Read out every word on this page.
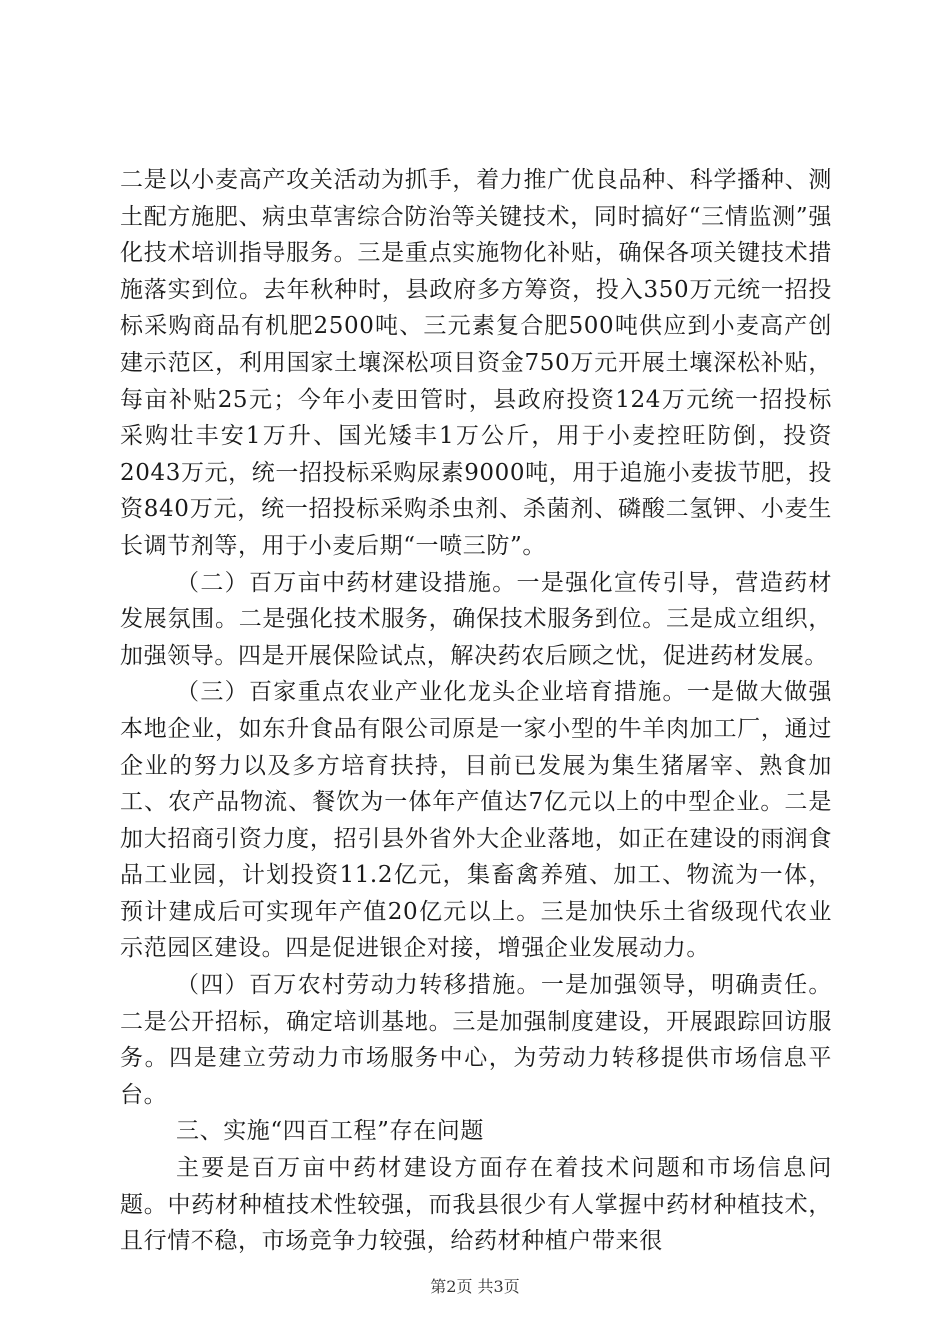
二是以小麦高产攻关活动为抓手，着力推广优良品种、科学播种、测土配方施肥、病虫草害综合防治等关键技术，同时搞好“三情监测”强化技术培训指导服务。三是重点实施物化补贴，确保各项关键技术措施落实到位。去年秋种时，县政府多方筹资，投入350万元统一招投标采购商品有机肥2500吨、三元素复合肥500吨供应到小麦高产创建示范区，利用国家土壤深松项目资金750万元开展土壤深松补贴，每亩补贴25元；今年小麦田管时，县政府投资124万元统一招投标采购壮丰安1万升、国光矮丰1万公斤，用于小麦控旺防倒，投资2043万元，统一招投标采购尿素9000吨，用于追施小麦拔节肥，投资840万元，统一招投标采购杀虫剂、杀菌剂、磷酸二氢钾、小麦生长调节剂等，用于小麦后期“一喷三防”。

（二）百万亩中药材建设措施。一是强化宣传引导，营造药材发展氛围。二是强化技术服务，确保技术服务到位。三是成立组织，加强领导。四是开展保险试点，解决药农后顾之忧，促进药材发展。

（三）百家重点农业产业化龙头企业培育措施。一是做大做强本地企业，如东升食品有限公司原是一家小型的牛羊肉加工厂，通过企业的努力以及多方培育扶持，目前已发展为集生猪屠宰、熟食加工、农产品物流、餐饮为一体年产值达7亿元以上的中型企业。二是加大招商引资力度，招引县外省外大企业落地，如正在建设的雨润食品工业园，计划投资11.2亿元，集畜禽养殖、加工、物流为一体，预计建成后可实现年产值20亿元以上。三是加快乐土省级现代农业示范园区建设。四是促进银企对接，增强企业发展动力。

（四）百万农村劳动力转移措施。一是加强领导，明确责任。二是公开招标，确定培训基地。三是加强制度建设，开展跟踪回访服务。四是建立劳动力市场服务中心，为劳动力转移提供市场信息平台。

三、实施“四百工程”存在问题

主要是百万亩中药材建设方面存在着技术问题和市场信息问题。中药材种植技术性较强，而我县很少有人掌握中药材种植技术，且行情不稳，市场竞争力较强，给药材种植户带来很

第2页 共3页
